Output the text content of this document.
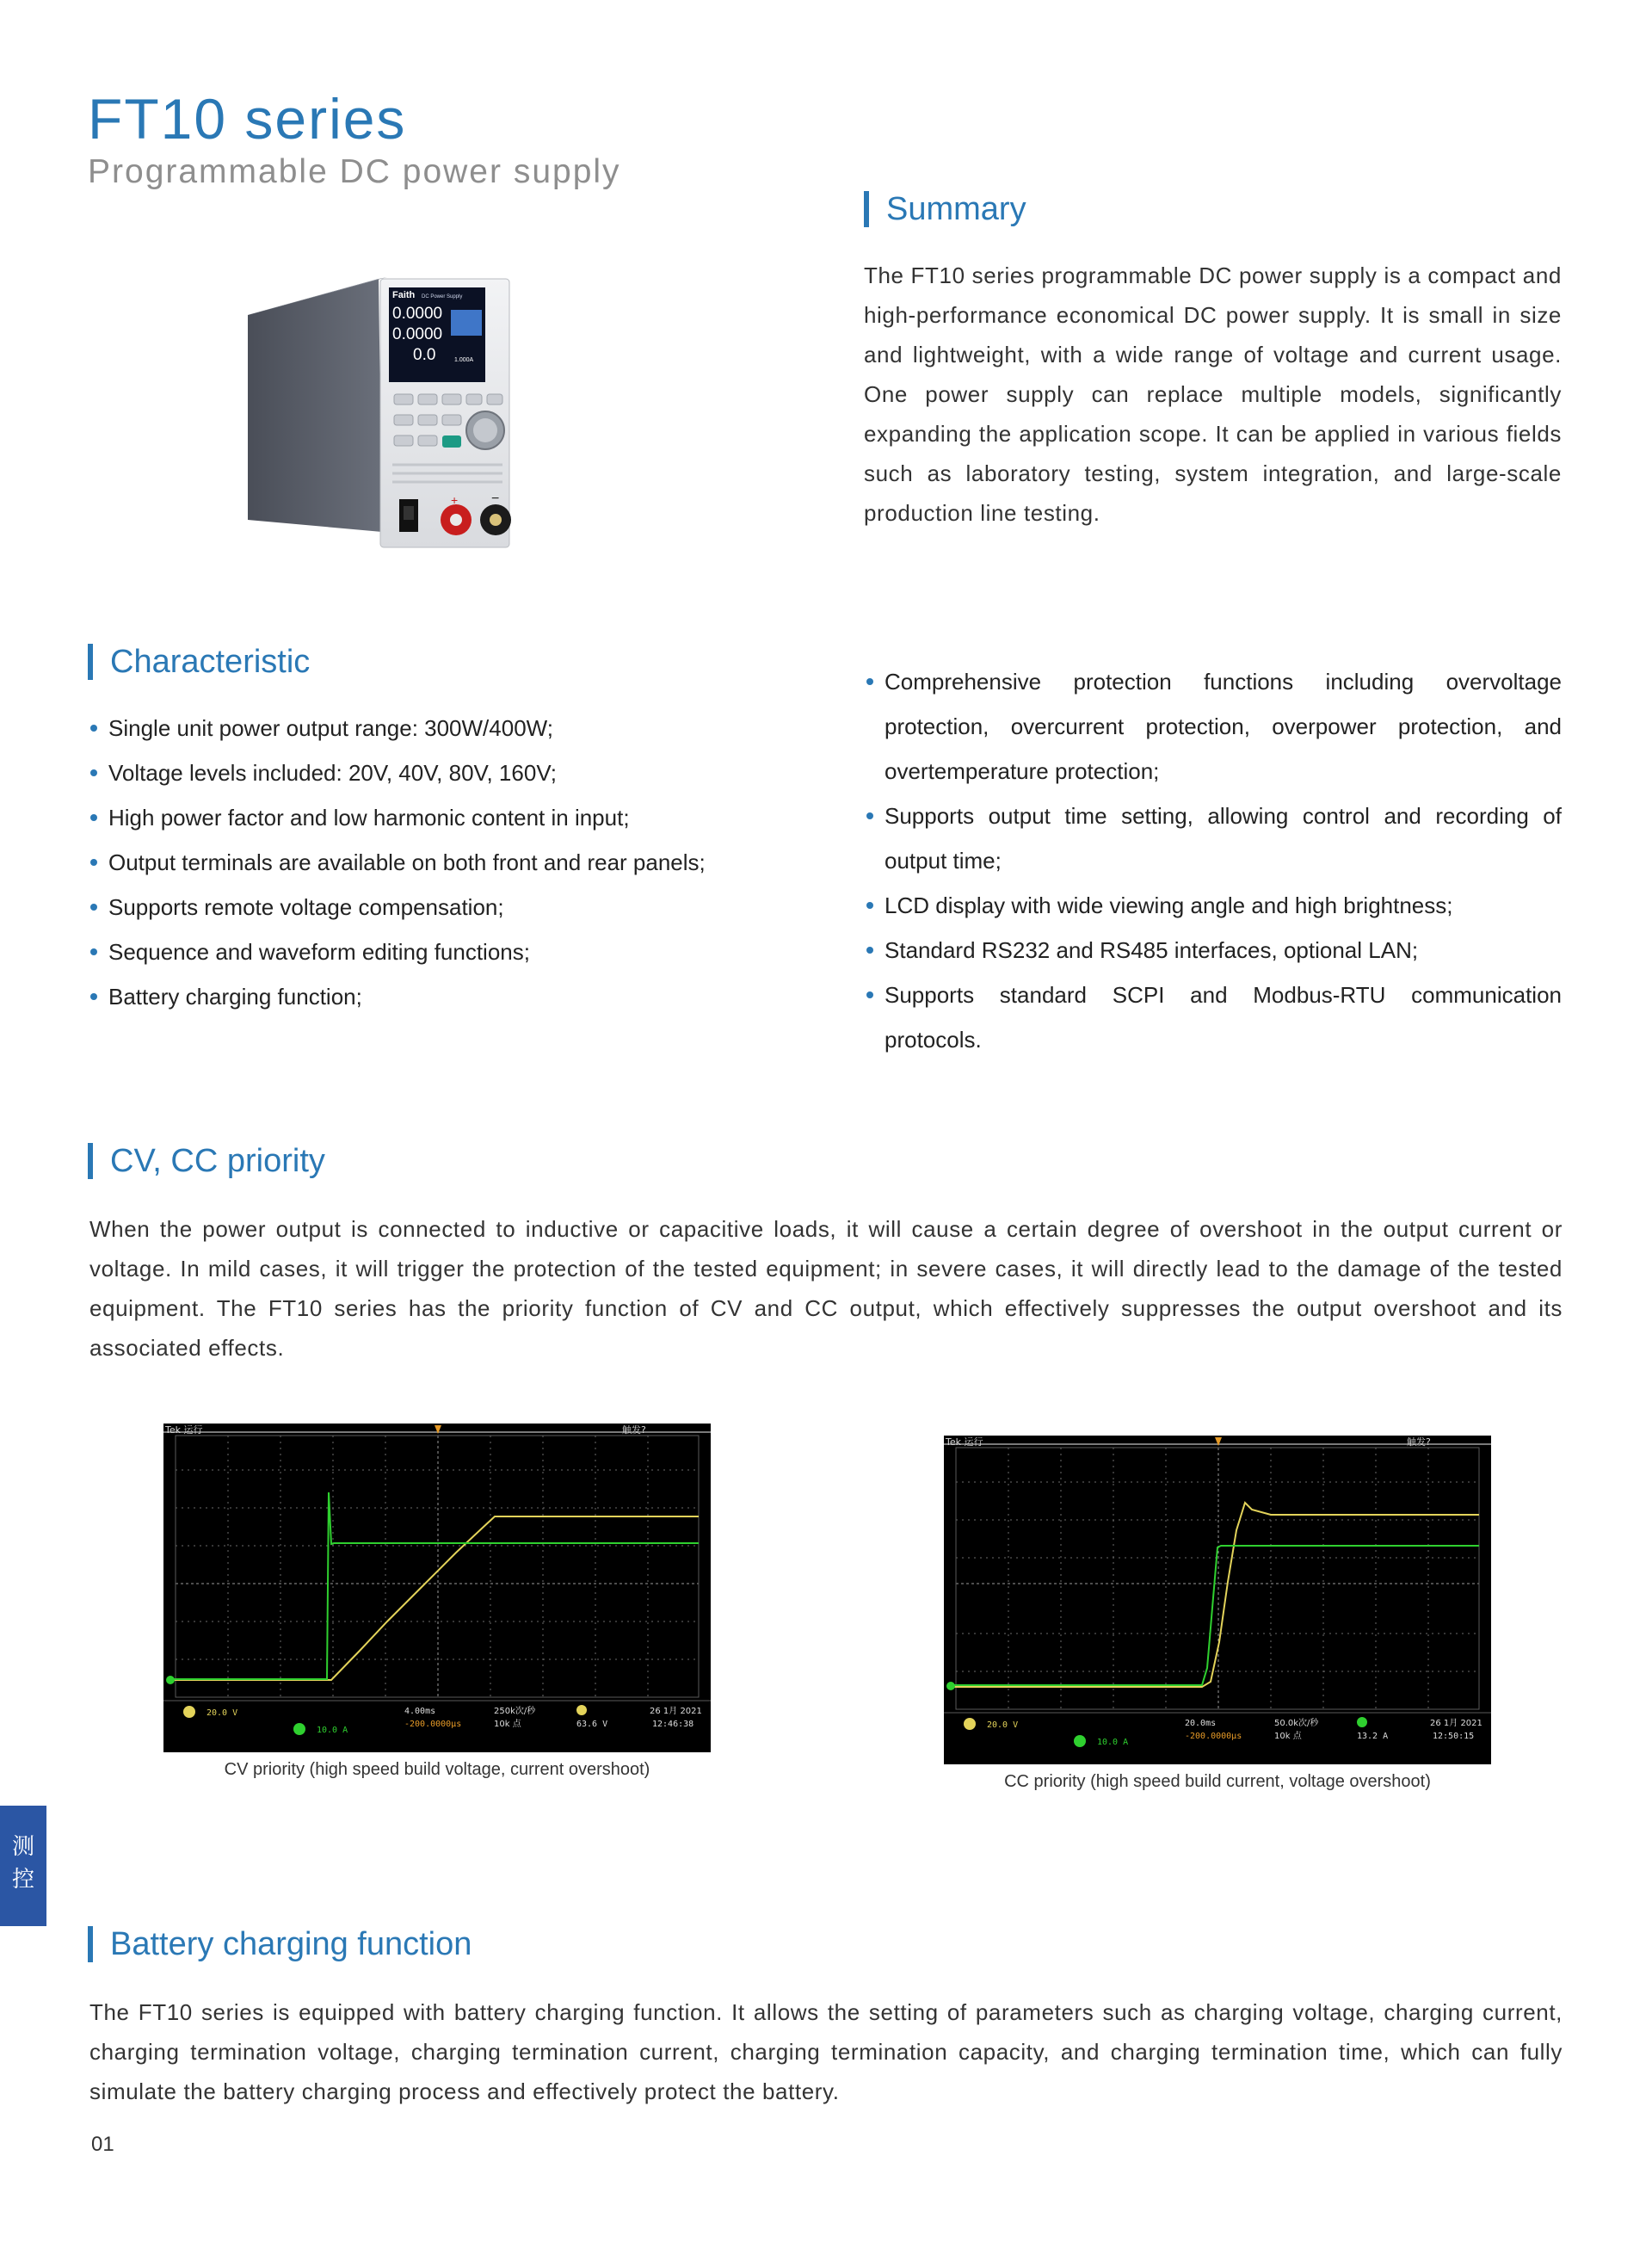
FT10 series
Programmable DC power supply
Faith DC Power Supply
0.0000
0.0000
0.0	1.000A
+ −
Summary
The FT10 series programmable DC power supply is a compact and high-performance economical DC power supply. It is small in size and lightweight, with a wide range of voltage and current usage. One power supply can replace multiple models, significantly expanding the application scope. It can be applied in various fields such as laboratory testing, system integration, and large-scale production line testing.
Characteristic
Single unit power output range: 300W/400W;
Voltage levels included: 20V, 40V, 80V, 160V;
High power factor and low harmonic content in input;
Output terminals are available on both front and rear panels;
Supports remote voltage compensation;
Sequence and waveform editing functions;
Battery charging function;
Comprehensive protection functions including overvoltage protection, overcurrent protection, overpower protection, and overtemperature protection;
Supports output time setting, allowing control and recording of output time;
LCD display with wide viewing angle and high brightness;
Standard RS232 and RS485 interfaces, optional LAN;
Supports standard SCPI and Modbus-RTU communication protocols.
CV, CC priority
When the power output is connected to inductive or capacitive loads, it will cause a certain degree of overshoot in the output current or voltage. In mild cases, it will trigger the protection of the tested equipment; in severe cases, it will directly lead to the damage of the tested equipment. The FT10 series has the priority function of CV and CC output, which effectively suppresses the output overshoot and its associated effects.
Tek 运行	触发?
20.0 V
10.0 A
4.00ms
-200.0000µs
250k次/秒
10k 点	63.6 V
26 1月 2021
12:46:38
CV priority (high speed build voltage, current overshoot)
Tek 运行	触发?
20.0 V
10.0 A
20.0ms
-200.0000µs
50.0k次/秒
10k 点	13.2 A
26 1月 2021
12:50:15
CC priority (high speed build current, voltage overshoot)
测
控
Battery charging function
The FT10 series is equipped with battery charging function. It allows the setting of parameters such as charging voltage, charging current, charging termination voltage, charging termination current, charging termination capacity, and charging termination time, which can fully simulate the battery charging process and effectively protect the battery.
01
